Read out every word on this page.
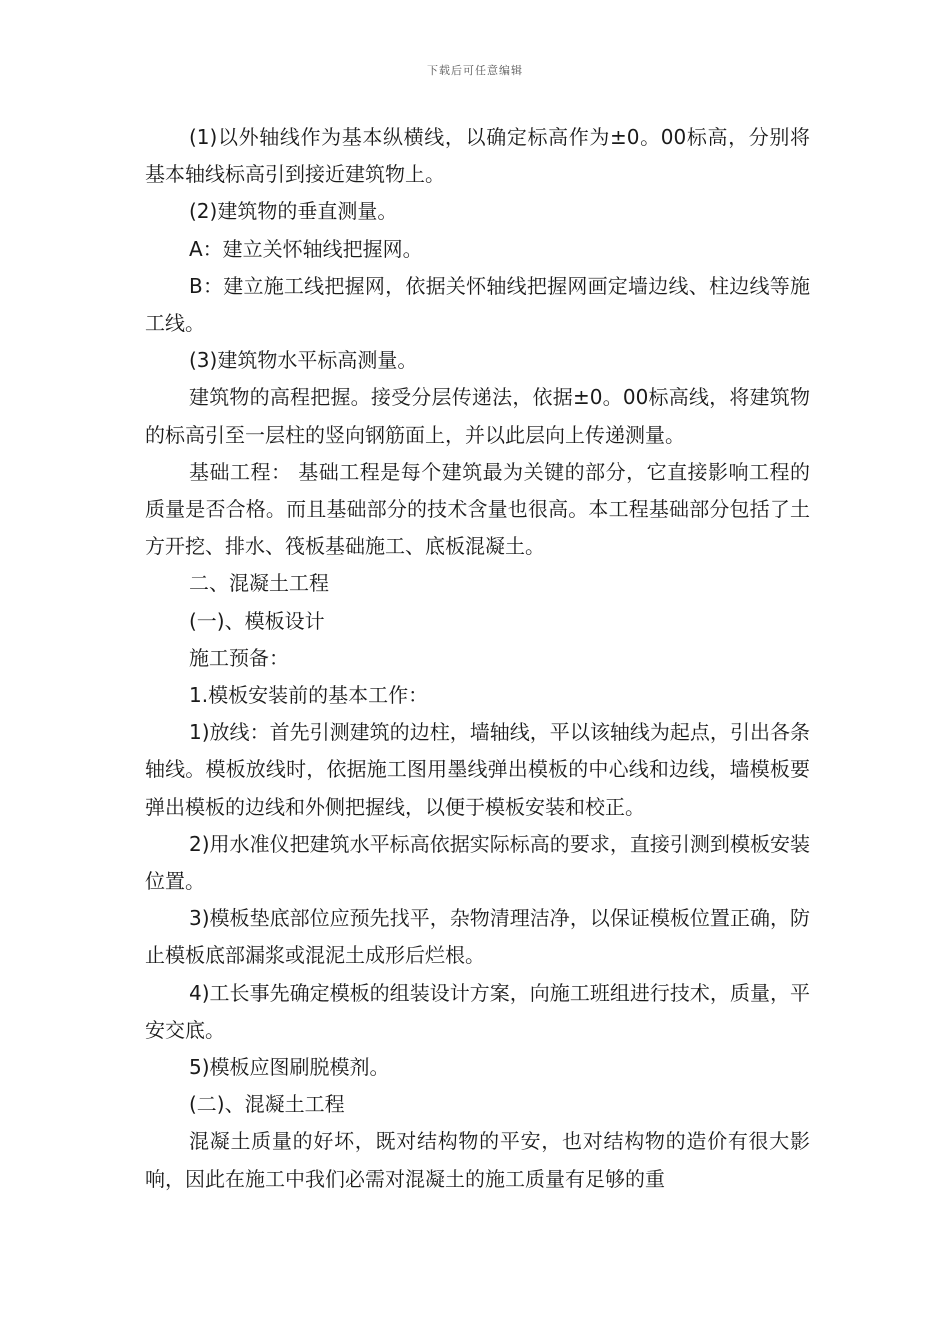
下载后可任意编辑

(1)以外轴线作为基本纵横线，以确定标高作为±0。00标高，分别将基本轴线标高引到接近建筑物上。

(2)建筑物的垂直测量。

A：建立关怀轴线把握网。

B：建立施工线把握网，依据关怀轴线把握网画定墙边线、柱边线等施工线。

(3)建筑物水平标高测量。

建筑物的高程把握。接受分层传递法，依据±0。00标高线，将建筑物的标高引至一层柱的竖向钢筋面上，并以此层向上传递测量。

基础工程： 基础工程是每个建筑最为关键的部分，它直接影响工程的质量是否合格。而且基础部分的技术含量也很高。本工程基础部分包括了土方开挖、排水、筏板基础施工、底板混凝土。

二、混凝土工程

(一)、模板设计

施工预备：

1.模板安装前的基本工作：

1)放线：首先引测建筑的边柱，墙轴线，平以该轴线为起点，引出各条轴线。模板放线时，依据施工图用墨线弹出模板的中心线和边线，墙模板要弹出模板的边线和外侧把握线，以便于模板安装和校正。

2)用水准仪把建筑水平标高依据实际标高的要求，直接引测到模板安装位置。

3)模板垫底部位应预先找平，杂物清理洁净，以保证模板位置正确，防止模板底部漏浆或混泥土成形后烂根。

4)工长事先确定模板的组装设计方案，向施工班组进行技术，质量，平安交底。

5)模板应图刷脱模剂。

(二)、混凝土工程

混凝土质量的好坏，既对结构物的平安，也对结构物的造价有很大影响，因此在施工中我们必需对混凝土的施工质量有足够的重
